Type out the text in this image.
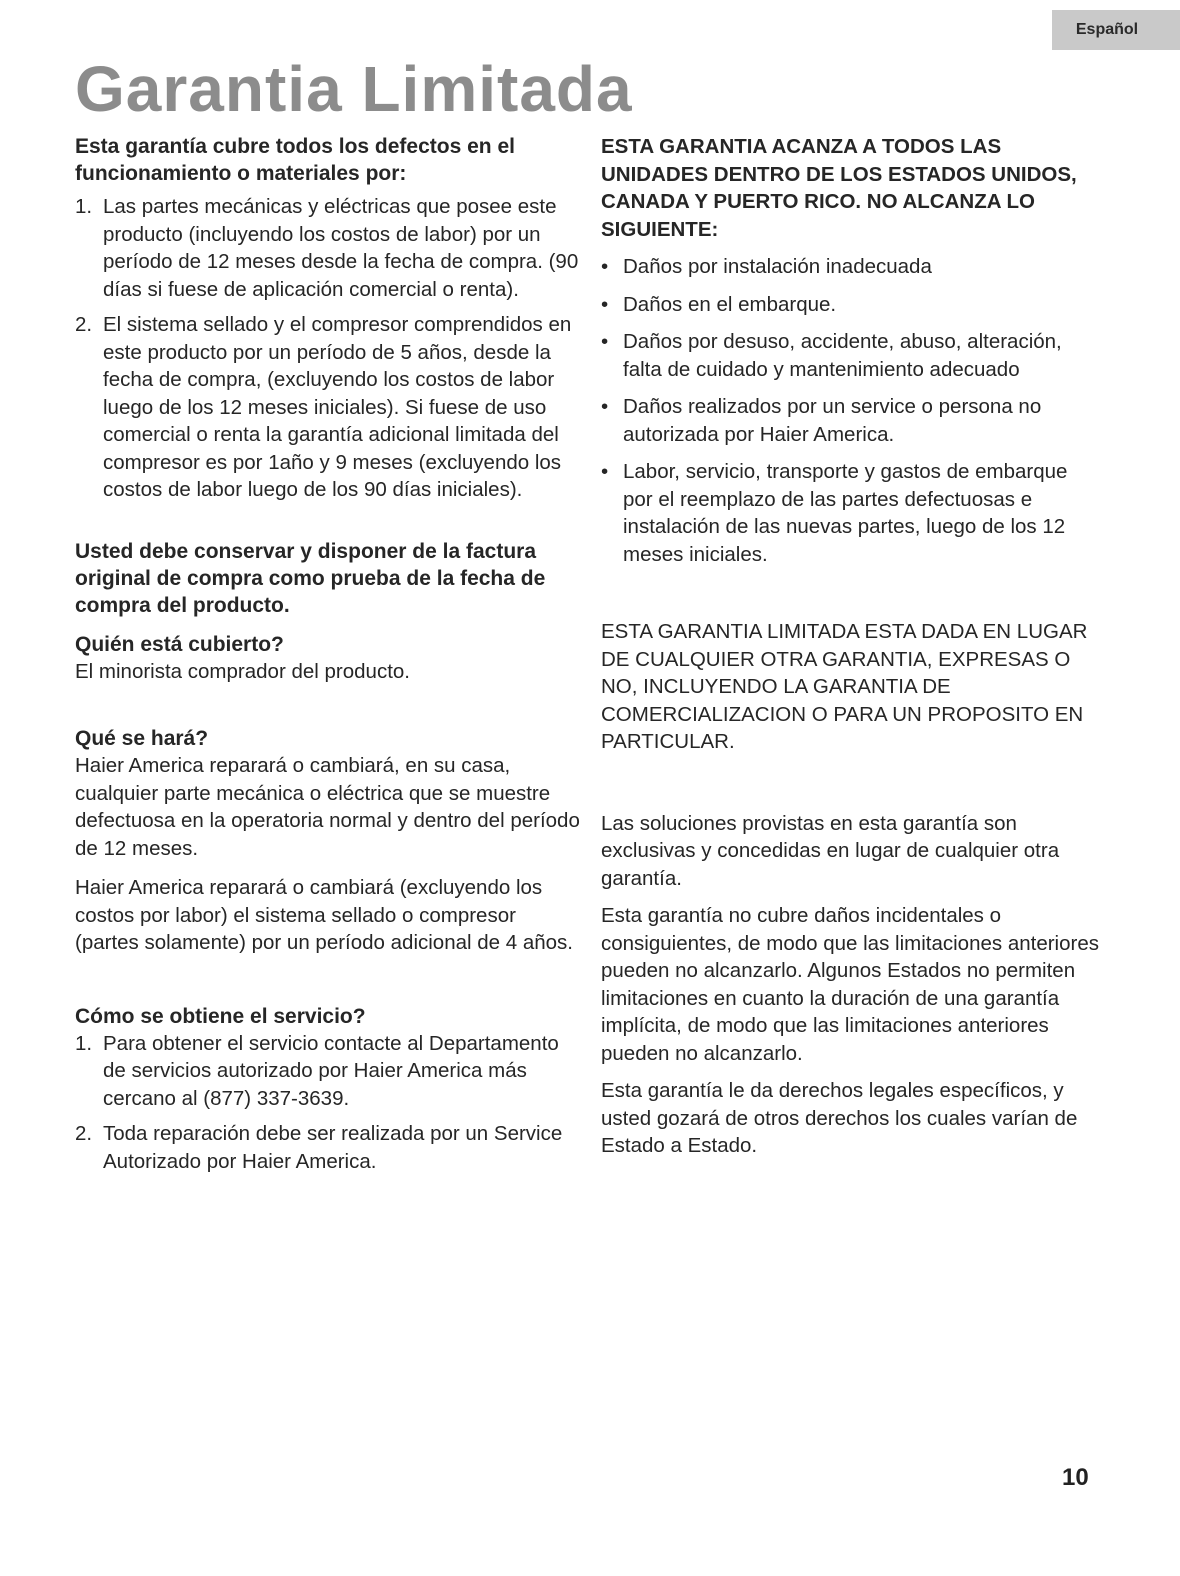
Español
Garantia Limitada

Esta garantía cubre todos los defectos en el funcionamiento o materiales por:

1. Las partes mecánicas y eléctricas que posee este producto (incluyendo los costos de labor) por un período de 12 meses desde la fecha de compra. (90 días si fuese de aplicación comercial o renta).
2. El sistema sellado y el compresor comprendidos en este producto por un período de 5 años, desde la fecha de compra, (excluyendo los costos de labor luego de los 12 meses iniciales). Si fuese de uso comercial o renta la garantía adicional limitada del compresor es por 1año y 9 meses (excluyendo los costos de labor luego de los 90 días iniciales).

Usted debe conservar y disponer de la factura original de compra como prueba de la fecha de compra del producto.

Quién está cubierto?

El minorista comprador del producto.

Qué se hará?

Haier America reparará o cambiará, en su casa, cualquier parte mecánica o eléctrica que se muestre defectuosa en la operatoria normal y dentro del período de 12 meses.

Haier America reparará o cambiará (excluyendo los costos por labor) el sistema sellado o compresor (partes solamente) por un período adicional de 4 años.

Cómo se obtiene el servicio?
1. Para obtener el servicio contacte al Departamento de servicios autorizado por Haier America más cercano al (877) 337-3639.
2. Toda reparación debe ser realizada por un Service Autorizado por Haier America.

ESTA GARANTIA ACANZA A TODOS LAS UNIDADES DENTRO DE LOS ESTADOS UNIDOS, CANADA Y PUERTO RICO. NO ALCANZA LO SIGUIENTE:

• Daños por instalación inadecuada
• Daños en el embarque.
• Daños por desuso, accidente, abuso, alteración, falta de cuidado y mantenimiento adecuado
• Daños realizados por un service o persona no autorizada por Haier America.
• Labor, servicio, transporte y gastos de embarque por el reemplazo de las partes defectuosas e instalación de las nuevas partes, luego de los 12 meses iniciales.

ESTA GARANTIA LIMITADA ESTA DADA EN LUGAR DE CUALQUIER OTRA GARANTIA, EXPRESAS O NO, INCLUYENDO LA GARANTIA DE COMERCIALIZACION O PARA UN PROPOSITO EN PARTICULAR.

Las soluciones provistas en esta garantía son exclusivas y concedidas en lugar de cualquier otra garantía.

Esta garantía no cubre daños incidentales o consiguientes, de modo que las limitaciones anteriores pueden no alcanzarlo. Algunos Estados no permiten limitaciones en cuanto la duración de una garantía implícita, de modo que las limitaciones anteriores pueden no alcanzarlo.

Esta garantía le da derechos legales específicos, y usted gozará de otros derechos los cuales varían de Estado a Estado.

10
